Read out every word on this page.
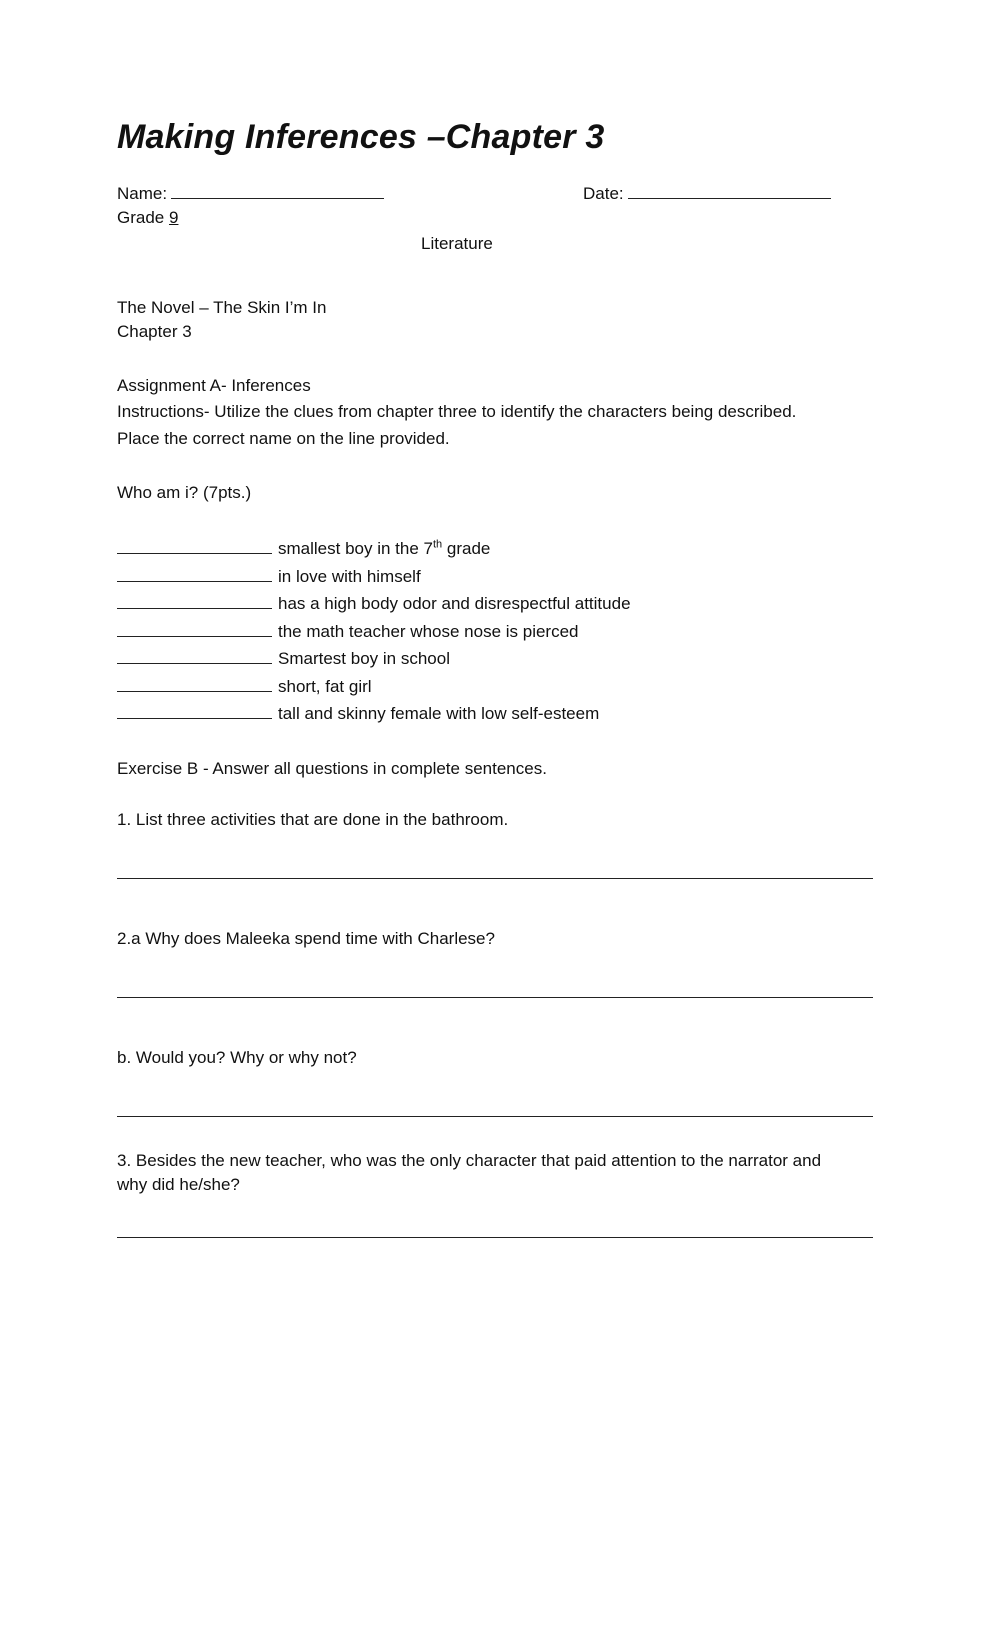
Making Inferences –Chapter 3
Name:	Date:
Grade 9
Literature
The Novel – The Skin I’m In
Chapter 3
Assignment A- Inferences
Instructions- Utilize the clues from chapter three to identify the characters being described.
Place the correct name on the line provided.
Who am i? (7pts.)
smallest boy in the 7th grade
in love with himself
has a high body odor and disrespectful attitude
the math teacher whose nose is pierced
Smartest boy in school
short, fat girl
tall and skinny female with low self-esteem
Exercise B - Answer all questions in complete sentences.
1. List three activities that are done in the bathroom.
2.a Why does Maleeka spend time with Charlese?
b. Would you? Why or why not?
3. Besides the new teacher, who was the only character that paid attention to the narrator and
why did he/she?
